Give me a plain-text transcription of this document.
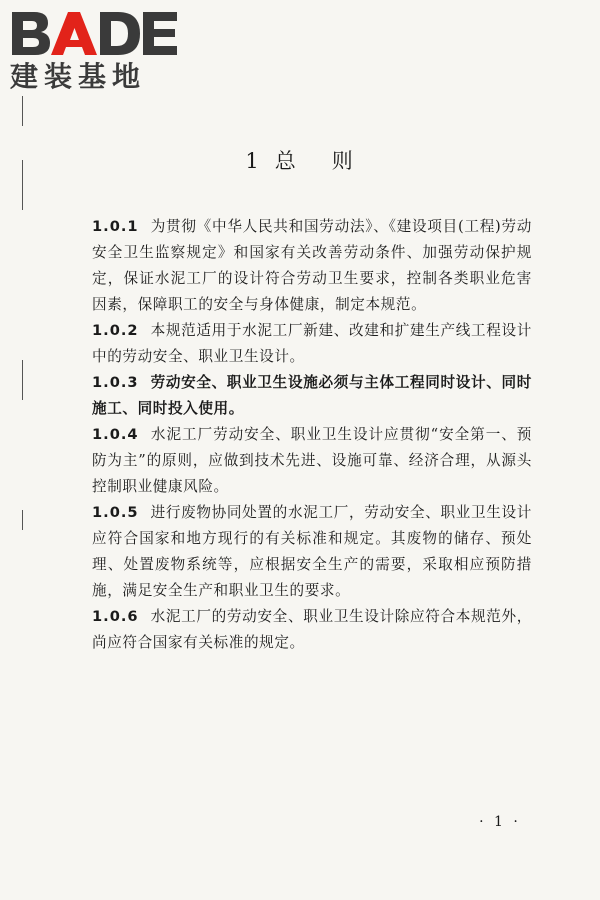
建装基地
1 总 则
1.0.1 为贯彻《中华人民共和国劳动法》、《建设项目(工程)劳动安全卫生监察规定》和国家有关改善劳动条件、加强劳动保护规定，保证水泥工厂的设计符合劳动卫生要求，控制各类职业危害因素，保障职工的安全与身体健康，制定本规范。
1.0.2 本规范适用于水泥工厂新建、改建和扩建生产线工程设计中的劳动安全、职业卫生设计。
1.0.3 劳动安全、职业卫生设施必须与主体工程同时设计、同时施工、同时投入使用。
1.0.4 水泥工厂劳动安全、职业卫生设计应贯彻“安全第一、预防为主”的原则，应做到技术先进、设施可靠、经济合理，从源头控制职业健康风险。
1.0.5 进行废物协同处置的水泥工厂，劳动安全、职业卫生设计应符合国家和地方现行的有关标准和规定。其废物的储存、预处理、处置废物系统等，应根据安全生产的需要，采取相应预防措施，满足安全生产和职业卫生的要求。
1.0.6 水泥工厂的劳动安全、职业卫生设计除应符合本规范外，尚应符合国家有关标准的规定。
· 1 ·
